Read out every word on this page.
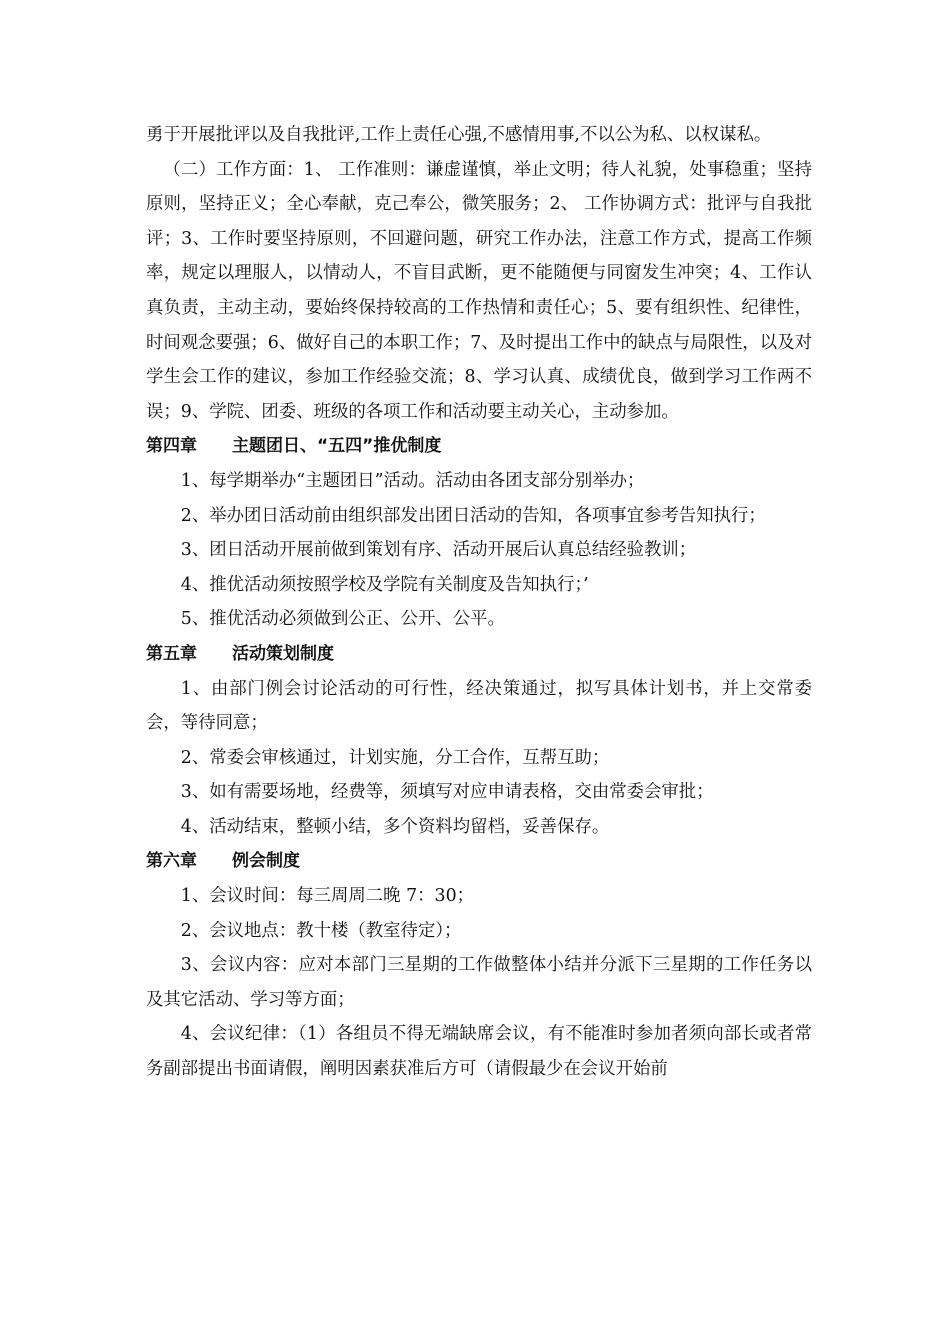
勇于开展批评以及自我批评,工作上责任心强,不感情用事,不以公为私、以权谋私。

（二）工作方面：1、 工作准则：谦虚谨慎，举止文明；待人礼貌，处事稳重；坚持原则，坚持正义；全心奉献，克己奉公，微笑服务；2、 工作协调方式：批评与自我批评；3、工作时要坚持原则，不回避问题，研究工作办法，注意工作方式，提高工作频率，规定以理服人，以情动人，不盲目武断，更不能随便与同窗发生冲突；4、工作认真负责，主动主动，要始终保持较高的工作热情和责任心；5、要有组织性、纪律性，时间观念要强；6、做好自己的本职工作；7、及时提出工作中的缺点与局限性，以及对学生会工作的建议，参加工作经验交流；8、学习认真、成绩优良，做到学习工作两不误；9、学院、团委、班级的各项工作和活动要主动关心，主动参加。

第四章 主题团日、“五四”推优制度

1、每学期举办“主题团日”活动。活动由各团支部分别举办；

2、举办团日活动前由组织部发出团日活动的告知，各项事宜参考告知执行；

3、团日活动开展前做到策划有序、活动开展后认真总结经验教训；

4、推优活动须按照学校及学院有关制度及告知执行；’

5、推优活动必须做到公正、公开、公平。

第五章 活动策划制度

1、由部门例会讨论活动的可行性，经决策通过，拟写具体计划书，并上交常委会，等待同意；

2、常委会审核通过，计划实施，分工合作，互帮互助；

3、如有需要场地，经费等，须填写对应申请表格，交由常委会审批；

4、活动结束，整顿小结，多个资料均留档，妥善保存。

第六章 例会制度

1、会议时间：每三周周二晚 7：30；

2、会议地点：教十楼（教室待定）；

3、会议内容：应对本部门三星期的工作做整体小结并分派下三星期的工作任务以及其它活动、学习等方面；

4、会议纪律：（1）各组员不得无端缺席会议，有不能准时参加者须向部长或者常务副部提出书面请假，阐明因素获准后方可（请假最少在会议开始前
